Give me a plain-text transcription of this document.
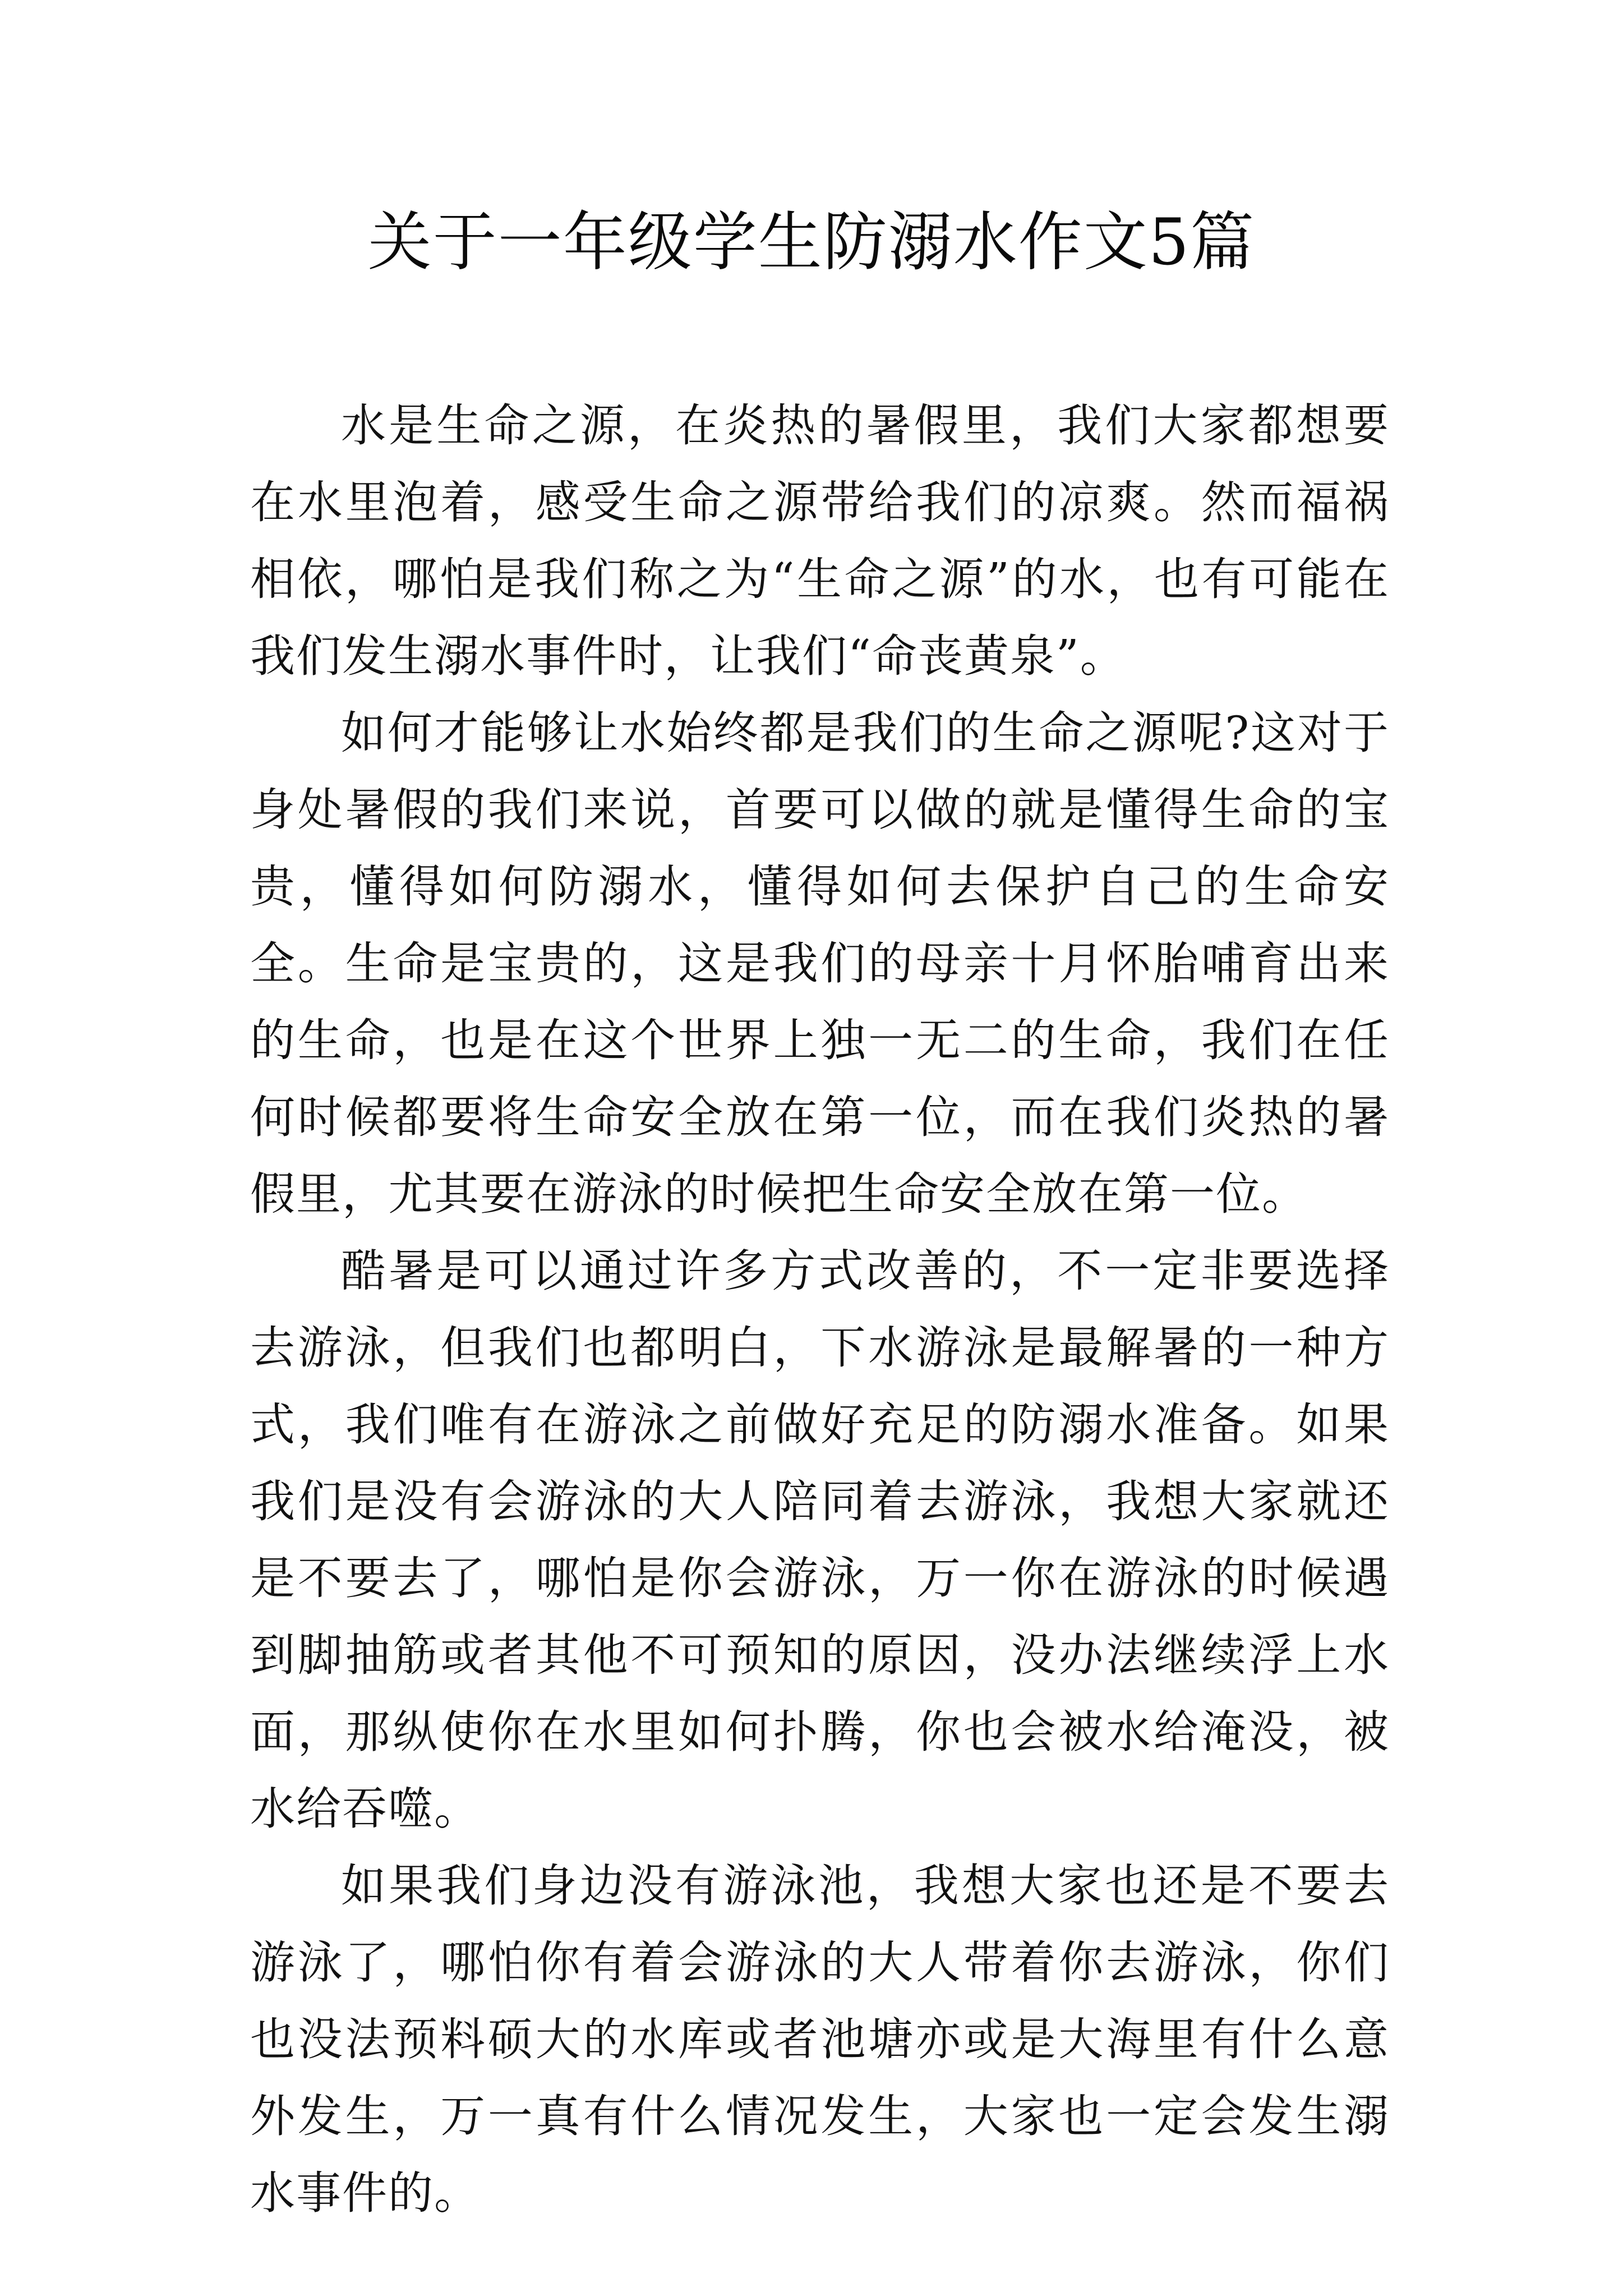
关于一年级学生防溺水作文5篇

水是生命之源，在炎热的暑假里，我们大家都想要在水里泡着，感受生命之源带给我们的凉爽。然而福祸相依，哪怕是我们称之为“生命之源”的水，也有可能在我们发生溺水事件时，让我们“命丧黄泉”。

如何才能够让水始终都是我们的生命之源呢?这对于身处暑假的我们来说，首要可以做的就是懂得生命的宝贵，懂得如何防溺水，懂得如何去保护自己的生命安全。生命是宝贵的，这是我们的母亲十月怀胎哺育出来的生命，也是在这个世界上独一无二的生命，我们在任何时候都要将生命安全放在第一位，而在我们炎热的暑假里，尤其要在游泳的时候把生命安全放在第一位。

酷暑是可以通过许多方式改善的，不一定非要选择去游泳，但我们也都明白，下水游泳是最解暑的一种方式，我们唯有在游泳之前做好充足的防溺水准备。如果我们是没有会游泳的大人陪同着去游泳，我想大家就还是不要去了，哪怕是你会游泳，万一你在游泳的时候遇到脚抽筋或者其他不可预知的原因，没办法继续浮上水面，那纵使你在水里如何扑腾，你也会被水给淹没，被水给吞噬。

如果我们身边没有游泳池，我想大家也还是不要去游泳了，哪怕你有着会游泳的大人带着你去游泳，你们也没法预料硕大的水库或者池塘亦或是大海里有什么意外发生，万一真有什么情况发生，大家也一定会发生溺水事件的。
